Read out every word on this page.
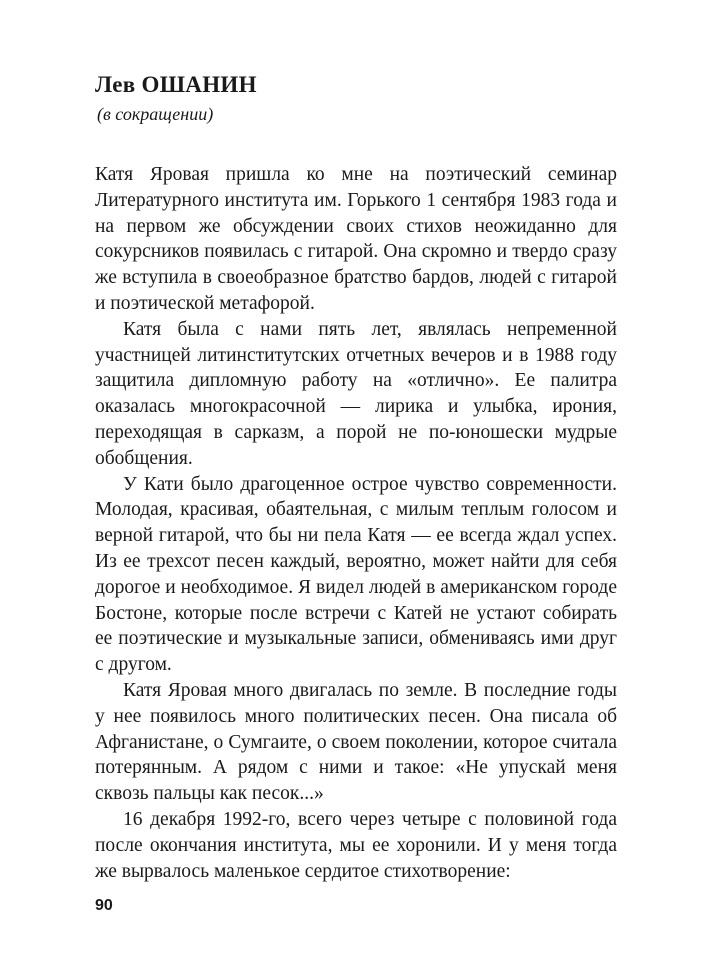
Лев ОШАНИН
(в сокращении)

Катя Яровая пришла ко мне на поэтический семинар Литературного института им. Горького 1 сентября 1983 года и на первом же обсуждении своих стихов неожиданно для сокурсников появилась с гитарой. Она скромно и твердо сразу же вступила в своеобразное братство бардов, людей с гитарой и поэтической метафорой.

Катя была с нами пять лет, являлась непременной участницей литинститутских отчетных вечеров и в 1988 году защитила дипломную работу на «отлично». Ее палитра оказалась многокрасочной — лирика и улыбка, ирония, переходящая в сарказм, а порой не по-юношески мудрые обобщения.

У Кати было драгоценное острое чувство современности. Молодая, красивая, обаятельная, с милым теплым голосом и верной гитарой, что бы ни пела Катя — ее всегда ждал успех. Из ее трехсот песен каждый, вероятно, может найти для себя дорогое и необходимое. Я видел людей в американском городе Бостоне, которые после встречи с Катей не устают собирать ее поэтические и музыкальные записи, обмениваясь ими друг с другом.

Катя Яровая много двигалась по земле. В последние годы у нее появилось много политических песен. Она писала об Афганистане, о Сумгаите, о своем поколении, которое считала потерянным. А рядом с ними и такое: «Не упускай меня сквозь пальцы как песок...»

16 декабря 1992-го, всего через четыре с половиной года после окончания института, мы ее хоронили. И у меня тогда же вырвалось маленькое сердитое стихотворение:

90
